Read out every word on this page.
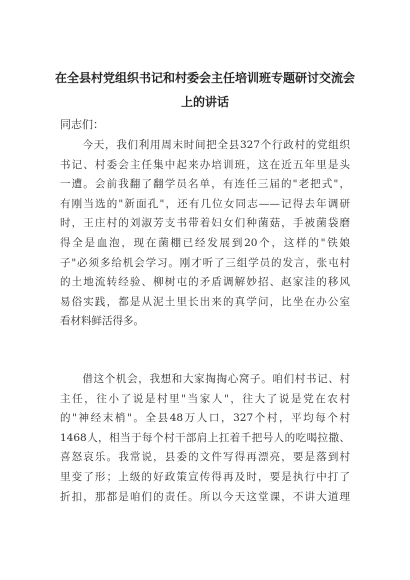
在全县村党组织书记和村委会主任培训班专题研讨交流会
上的讲话
同志们：
　　今天，我们利用周末时间把全县327个行政村的党组织
书记、村委会主任集中起来办培训班，这在近五年里是头
一遭。会前我翻了翻学员名单，有连任三届的"老把式"，
有刚当选的"新面孔"，还有几位女同志——记得去年调研
时，王庄村的刘淑芳支书带着妇女们种菌菇，手被菌袋磨
得全是血泡，现在菌棚已经发展到20个，这样的"铁娘
子"必须多给机会学习。刚才听了三组学员的发言，张屯村
的土地流转经验、柳树屯的矛盾调解妙招、赵家洼的移风
易俗实践，都是从泥土里长出来的真学问，比坐在办公室
看材料鲜活得多。
　　借这个机会，我想和大家掏掏心窝子。咱们村书记、村
主任，往小了说是村里"当家人"，往大了说是党在农村
的"神经末梢"。全县48万人口，327个村，平均每个村
1468人，相当于每个村干部肩上扛着千把号人的吃喝拉撒、
喜怒哀乐。我常说，县委的文件写得再漂亮，要是落到村
里变了形；上级的好政策宣传得再及时，要是执行中打了
折扣，那都是咱们的责任。所以今天这堂课，不讲大道理
